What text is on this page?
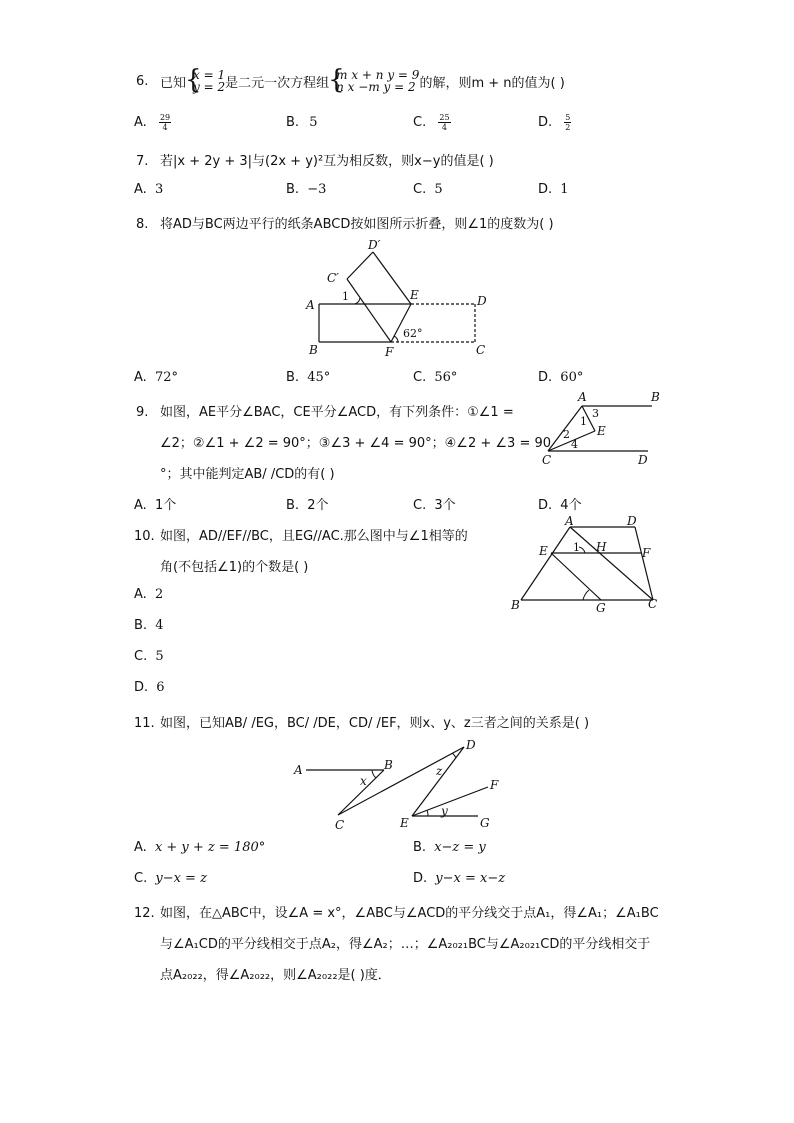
6. 已知
{ x = 1
y = 2 是二元一次方程组
{ m x + n y = 9
n x −m y = 2 的解，则m + n的值为( )
A. $\frac{29}{4}$	B. 5	C. $\frac{25}{4}$	D. $\frac{5}{2}$
7. 若|x + 2y + 3|与(2x + y)²互为相反数，则x−y的值是( )
A. 3	B. −3	C. 5	D. 1
8. 将AD与BC两边平行的纸条ABCD按如图所示折叠，则∠1的度数为( )
D′
C′
1	E	D
A
62°
B	F	C
A. 72°	B. 45°	C. 56°	D. 60°
9. 如图，AE平分∠BAC，CE平分∠ACD，有下列条件：①∠1 =
∠2；②∠1 + ∠2 = 90°；③∠3 + ∠4 = 90°；④∠2 + ∠3 = 90
°；其中能判定AB/ /CD的有( )
A	B
3
1
E
2
4
C	D
A. 1个	B. 2个	C. 3个	D. 4个
10. 如图，AD//EF//BC，且EG//AC.那么图中与∠1相等的
角(不包括∠1)的个数是( )
A	D
E 1 H	F
B	G	C
A. 2
B. 4
C. 5
D. 6
11. 如图，已知AB/ /EG，BC/ /DE，CD/ /EF，则x、y、z三者之间的关系是( )
D
A	B
x
z
F
C	E
y
G
A. x + y + z = 180°	B. x−z = y
C. y−x = z	D. y−x = x−z
12. 如图，在△ABC中，设∠A = x°，∠ABC与∠ACD的平分线交于点A₁，得∠A₁；∠A₁BC
与∠A₁CD的平分线相交于点A₂，得∠A₂；…；∠A₂₀₂₁BC与∠A₂₀₂₁CD的平分线相交于
点A₂₀₂₂，得∠A₂₀₂₂，则∠A₂₀₂₂是( )度．
